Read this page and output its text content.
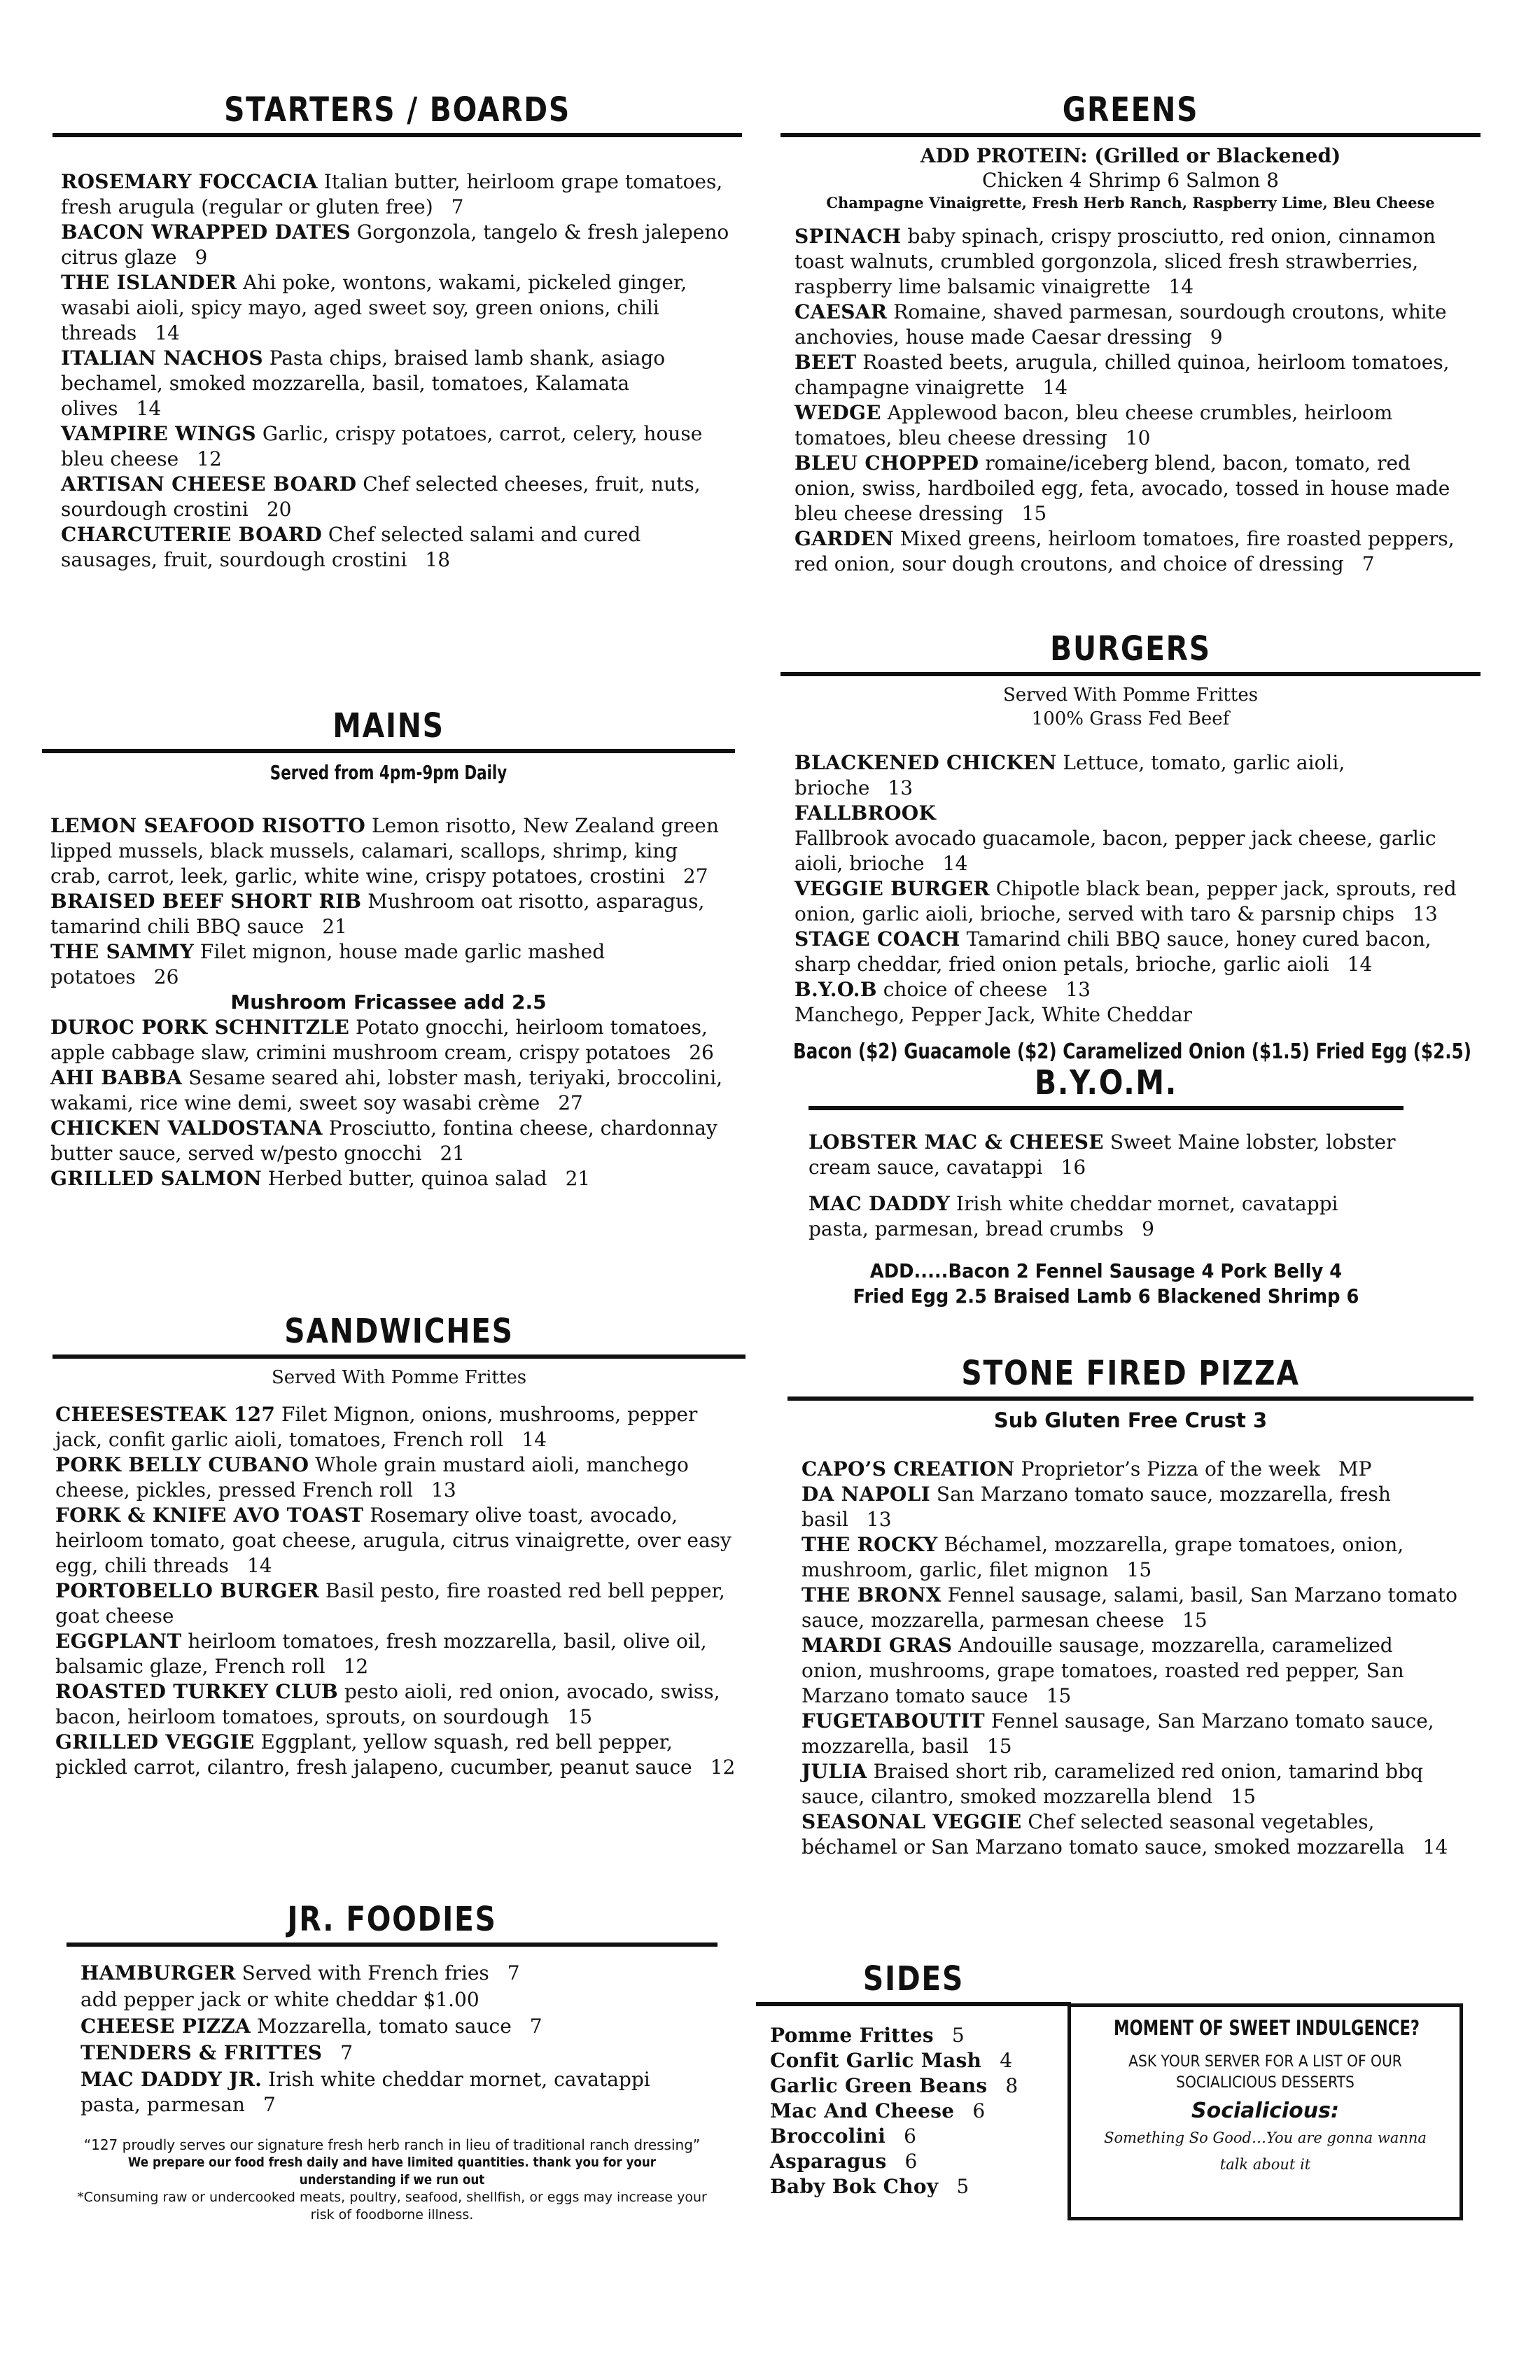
STARTERS / BOARDS

ROSEMARY FOCCACIA Italian butter, heirloom grape tomatoes, fresh arugula (regular or gluten free) 7

BACON WRAPPED DATES Gorgonzola, tangelo & fresh jalepeno citrus glaze 9

THE ISLANDER Ahi poke, wontons, wakami, pickeled ginger, wasabi aioli, spicy mayo, aged sweet soy, green onions, chili threads 14

ITALIAN NACHOS Pasta chips, braised lamb shank, asiago bechamel, smoked mozzarella, basil, tomatoes, Kalamata olives 14

VAMPIRE WINGS Garlic, crispy potatoes, carrot, celery, house bleu cheese 12

ARTISAN CHEESE BOARD Chef selected cheeses, fruit, nuts, sourdough crostini 20

CHARCUTERIE BOARD Chef selected salami and cured sausages, fruit, sourdough crostini 18

MAINS
Served from 4pm-9pm Daily

LEMON SEAFOOD RISOTTO Lemon risotto, New Zealand green lipped mussels, black mussels, calamari, scallops, shrimp, king crab, carrot, leek, garlic, white wine, crispy potatoes, crostini 27

BRAISED BEEF SHORT RIB Mushroom oat risotto, asparagus, tamarind chili BBQ sauce 21

THE SAMMY Filet mignon, house made garlic mashed potatoes 26

Mushroom Fricassee add 2.5

DUROC PORK SCHNITZLE Potato gnocchi, heirloom tomatoes, apple cabbage slaw, crimini mushroom cream, crispy potatoes 26

AHI BABBA Sesame seared ahi, lobster mash, teriyaki, broccolini, wakami, rice wine demi, sweet soy wasabi crème 27

CHICKEN VALDOSTANA Prosciutto, fontina cheese, chardonnay butter sauce, served w/pesto gnocchi 21

GRILLED SALMON Herbed butter, quinoa salad 21

SANDWICHES
Served With Pomme Frittes

CHEESESTEAK 127 Filet Mignon, onions, mushrooms, pepper jack, confit garlic aioli, tomatoes, French roll 14

PORK BELLY CUBANO Whole grain mustard aioli, manchego cheese, pickles, pressed French roll 13

FORK & KNIFE AVO TOAST Rosemary olive toast, avocado, heirloom tomato, goat cheese, arugula, citrus vinaigrette, over easy egg, chili threads 14

PORTOBELLO BURGER Basil pesto, fire roasted red bell pepper, goat cheese

EGGPLANT heirloom tomatoes, fresh mozzarella, basil, olive oil, balsamic glaze, French roll 12

ROASTED TURKEY CLUB pesto aioli, red onion, avocado, swiss, bacon, heirloom tomatoes, sprouts, on sourdough 15

GRILLED VEGGIE Eggplant, yellow squash, red bell pepper, pickled carrot, cilantro, fresh jalapeno, cucumber, peanut sauce 12

JR. FOODIES

HAMBURGER Served with French fries 7

add pepper jack or white cheddar $1.00

CHEESE PIZZA Mozzarella, tomato sauce 7

TENDERS & FRITTES 7

MAC DADDY JR. Irish white cheddar mornet, cavatappi pasta, parmesan 7

“127 proudly serves our signature fresh herb ranch in lieu of traditional ranch dressing”
We prepare our food fresh daily and have limited quantities. thank you for your understanding if we run out
*Consuming raw or undercooked meats, poultry, seafood, shellfish, or eggs may increase your risk of foodborne illness.
GREENS
ADD PROTEIN: (Grilled or Blackened)
Chicken 4 Shrimp 6 Salmon 8
Champagne Vinaigrette, Fresh Herb Ranch, Raspberry Lime, Bleu Cheese

SPINACH baby spinach, crispy prosciutto, red onion, cinnamon toast walnuts, crumbled gorgonzola, sliced fresh strawberries, raspberry lime balsamic vinaigrette 14

CAESAR Romaine, shaved parmesan, sourdough croutons, white anchovies, house made Caesar dressing 9

BEET Roasted beets, arugula, chilled quinoa, heirloom tomatoes, champagne vinaigrette 14

WEDGE Applewood bacon, bleu cheese crumbles, heirloom tomatoes, bleu cheese dressing 10

BLEU CHOPPED romaine/iceberg blend, bacon, tomato, red onion, swiss, hardboiled egg, feta, avocado, tossed in house made bleu cheese dressing 15

GARDEN Mixed greens, heirloom tomatoes, fire roasted peppers, red onion, sour dough croutons, and choice of dressing 7

BURGERS
Served With Pomme Frittes
100% Grass Fed Beef

BLACKENED CHICKEN Lettuce, tomato, garlic aioli, brioche 13

FALLBROOK

Fallbrook avocado guacamole, bacon, pepper jack cheese, garlic aioli, brioche 14

VEGGIE BURGER Chipotle black bean, pepper jack, sprouts, red onion, garlic aioli, brioche, served with taro & parsnip chips 13

STAGE COACH Tamarind chili BBQ sauce, honey cured bacon, sharp cheddar, fried onion petals, brioche, garlic aioli 14

B.Y.O.B choice of cheese 13

Manchego, Pepper Jack, White Cheddar

Bacon ($2) Guacamole ($2) Caramelized Onion ($1.5) Fried Egg ($2.5)
B.Y.O.M.

LOBSTER MAC & CHEESE Sweet Maine lobster, lobster cream sauce, cavatappi 16

MAC DADDY Irish white cheddar mornet, cavatappi pasta, parmesan, bread crumbs 9

ADD.....Bacon 2 Fennel Sausage 4 Pork Belly 4
Fried Egg 2.5 Braised Lamb 6 Blackened Shrimp 6
STONE FIRED PIZZA
Sub Gluten Free Crust 3

CAPO’S CREATION Proprietor’s Pizza of the week MP

DA NAPOLI San Marzano tomato sauce, mozzarella, fresh basil 13

THE ROCKY Béchamel, mozzarella, grape tomatoes, onion, mushroom, garlic, filet mignon 15

THE BRONX Fennel sausage, salami, basil, San Marzano tomato sauce, mozzarella, parmesan cheese 15

MARDI GRAS Andouille sausage, mozzarella, caramelized onion, mushrooms, grape tomatoes, roasted red pepper, San Marzano tomato sauce 15

FUGETABOUTIT Fennel sausage, San Marzano tomato sauce, mozzarella, basil 15

JULIA Braised short rib, caramelized red onion, tamarind bbq sauce, cilantro, smoked mozzarella blend 15

SEASONAL VEGGIE Chef selected seasonal vegetables, béchamel or San Marzano tomato sauce, smoked mozzarella 14

SIDES

Pomme Frittes 5

Confit Garlic Mash 4

Garlic Green Beans 8

Mac And Cheese 6

Broccolini 6

Asparagus 6

Baby Bok Choy 5

MOMENT OF SWEET INDULGENCE?
ASK YOUR SERVER FOR A LIST OF OUR SOCIALICIOUS DESSERTS
Socialicious:
Something So Good…You are gonna wanna talk about it
